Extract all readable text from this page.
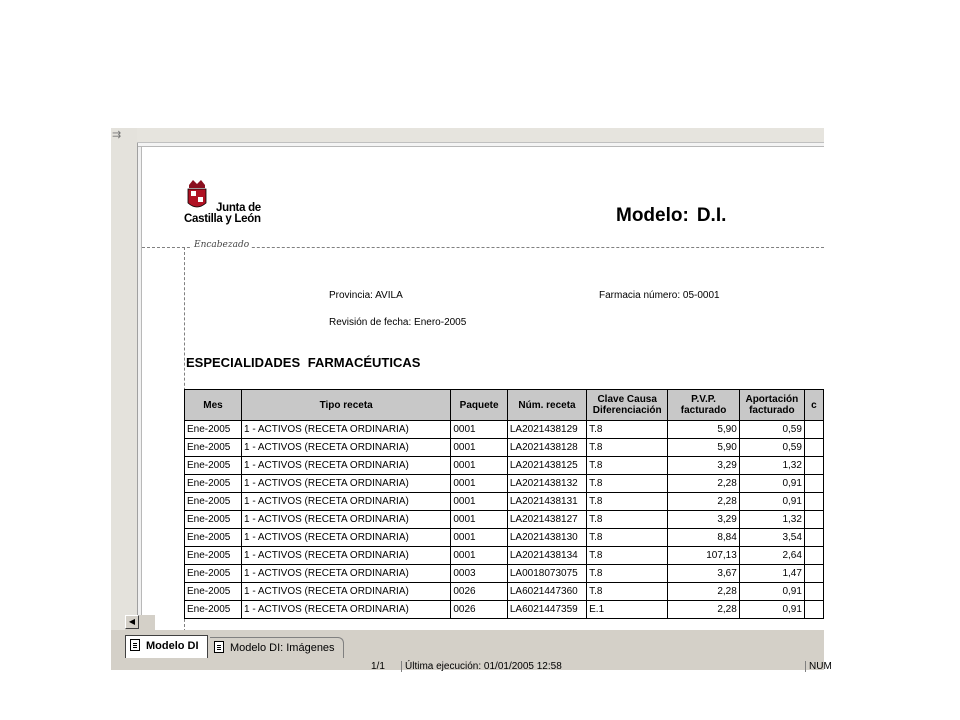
⇉
Junta de
Castilla y León	Modelo: D.I.
Encabezado
Provincia: AVILA	Farmacia número: 05-0001
Revisión de fecha: Enero-2005
ESPECIALIDADES FARMACÉUTICAS
Mes	Tipo receta	Paquete	Núm. receta	Clave Causa Diferenciación	P.V.P. facturado	Aportación facturado	c
Ene-2005	1 - ACTIVOS (RECETA ORDINARIA)	0001	LA2021438129	T.8	5,90	0,59	
Ene-2005	1 - ACTIVOS (RECETA ORDINARIA)	0001	LA2021438128	T.8	5,90	0,59	
Ene-2005	1 - ACTIVOS (RECETA ORDINARIA)	0001	LA2021438125	T.8	3,29	1,32	
Ene-2005	1 - ACTIVOS (RECETA ORDINARIA)	0001	LA2021438132	T.8	2,28	0,91	
Ene-2005	1 - ACTIVOS (RECETA ORDINARIA)	0001	LA2021438131	T.8	2,28	0,91	
Ene-2005	1 - ACTIVOS (RECETA ORDINARIA)	0001	LA2021438127	T.8	3,29	1,32	
Ene-2005	1 - ACTIVOS (RECETA ORDINARIA)	0001	LA2021438130	T.8	8,84	3,54	
Ene-2005	1 - ACTIVOS (RECETA ORDINARIA)	0001	LA2021438134	T.8	107,13	2,64	
Ene-2005	1 - ACTIVOS (RECETA ORDINARIA)	0003	LA0018073075	T.8	3,67	1,47	
Ene-2005	1 - ACTIVOS (RECETA ORDINARIA)	0026	LA6021447360	T.8	2,28	0,91	
Ene-2005	1 - ACTIVOS (RECETA ORDINARIA)	0026	LA6021447359	E.1	2,28	0,91	
◀
Modelo DI	Modelo DI: Imágenes
1/1	Última ejecución: 01/01/2005 12:58	NUM
